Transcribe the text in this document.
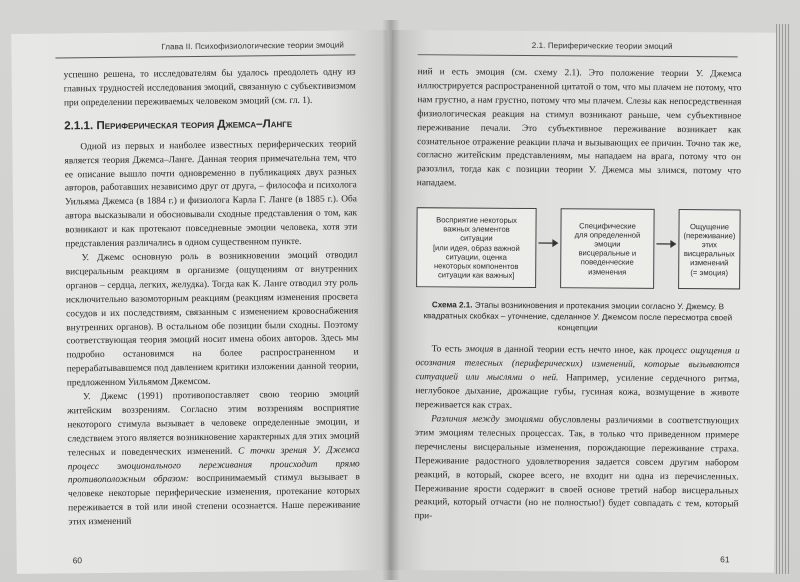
Глава II. Психофизиологические теории эмоций

успешно решена, то исследователям бы удалось преодолеть одну из главных трудностей исследования эмоций, связанную с субъективизмом при определении переживаемых человеком эмоций (см. гл. 1).

2.1.1. Периферическая теория Джемса–Ланге

Одной из первых и наиболее известных периферических теорий является теория Джемса–Ланге. Данная теория примечательна тем, что ее описание вышло почти одновременно в публикациях двух разных авторов, работавших независимо друг от друга, – философа и психолога Уильяма Джемса (в 1884 г.) и физиолога Карла Г. Ланге (в 1885 г.). Оба автора высказывали и обосновывали сходные представления о том, как возникают и как протекают повседневные эмоции человека, хотя эти представления различались в одном существенном пункте.

У. Джемс основную роль в возникновении эмоций отводил висцеральным реакциям в организме (ощущениям от внутренних органов – сердца, легких, желудка). Тогда как К. Ланге отводил эту роль исключительно вазомоторным реакциям (реакциям изменения просвета сосудов и их последствиям, связанным с изменением кровоснабжения внутренних органов). В остальном обе позиции были сходны. Поэтому соответствующая теория эмоций носит имена обоих авторов. Здесь мы подробно остановимся на более распространенном и перерабатывавшемся под давлением критики изложении данной теории, предложенном Уильямом Джемсом.

У. Джемс (1991) противопоставляет свою теорию эмоций житейским воззрениям. Согласно этим воззрениям восприятие некоторого стимула вызывает в человеке определенные эмоции, и следствием этого является возникновение характерных для этих эмоций телесных и поведенческих изменений. С точки зрения У. Джемса процесс эмоционального переживания происходит прямо противоположным образом: воспринимаемый стимул вызывает в человеке некоторые периферические изменения, протекание которых переживается в той или иной степени осознается. Наше переживание этих изменений

60
2.1. Периферические теории эмоций

ний и есть эмоция (см. схему 2.1). Это положение теории У. Джемса иллюстрируется распространенной цитатой о том, что мы плачем не потому, что нам грустно, а нам грустно, потому что мы плачем. Слезы как непосредственная физиологическая реакция на стимул возникают раньше, чем субъективное переживание печали. Это субъективное переживание возникает как сознательное отражение реакции плача и вызывающих ее причин. Точно так же, согласно житейским представлениям, мы нападаем на врага, потому что он разозлил, тогда как с позиции теории У. Джемса мы злимся, потому что нападаем.

Восприятие некоторых
важных элементов
ситуации
[или идея, образ важной
ситуации, оценка
некоторых компонентов
ситуации как важных]
Специфические
для определенной
эмоции
висцеральные и
поведенческие
изменения
Ощущение
(переживание)
этих
висцеральных
изменений
(= эмоция)
Схема 2.1. Этапы возникновения и протекания эмоции согласно У. Джемсу. В квадратных скобках – уточнение, сделанное У. Джемсом после пересмотра своей концепции

То есть эмоция в данной теории есть нечто иное, как процесс ощущения и осознания телесных (периферических) изменений, которые вызываются ситуацией или мыслями о ней. Например, усиление сердечного ритма, неглубокое дыхание, дрожащие губы, гусиная кожа, возмущение в животе переживается как страх.

Различия между эмоциями обусловлены различиями в соответствующих этим эмоциям телесных процессах. Так, в только что приведенном примере перечислены висцеральные изменения, порождающие переживание страха. Переживание радостного удовлетворения задается совсем другим набором реакций, в который, скорее всего, не входит ни одна из перечисленных. Переживание ярости содержит в своей основе третий набор висцеральных реакций, который отчасти (но не полностью!) будет совпадать с тем, который при-

61
